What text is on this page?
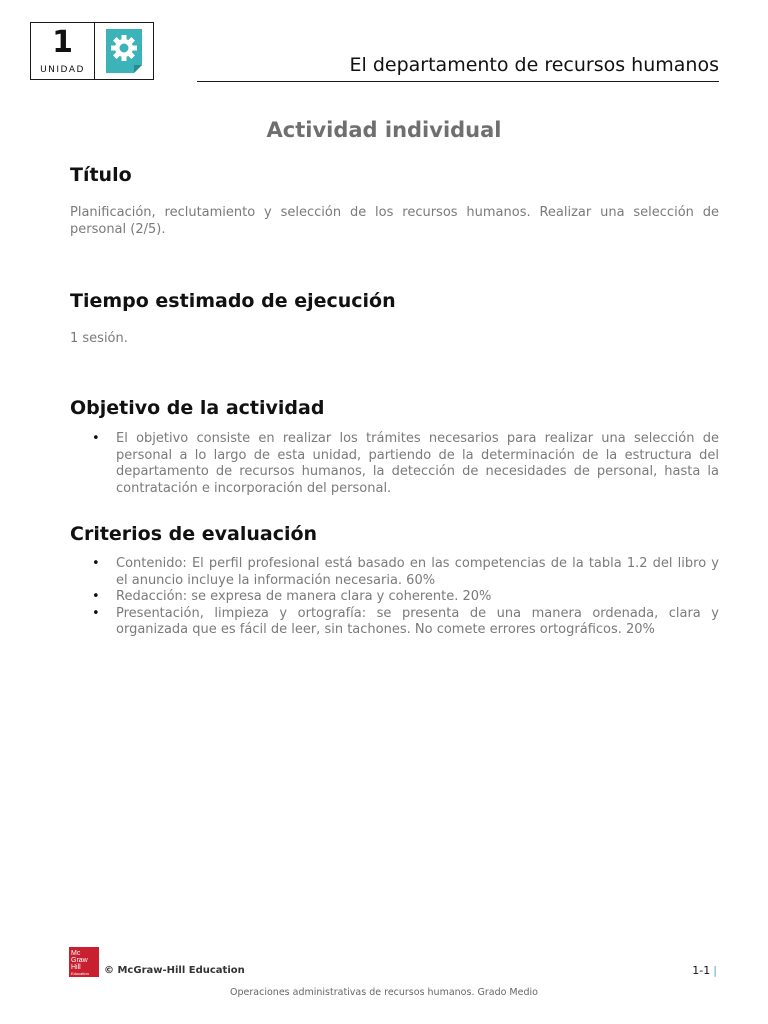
1
UNIDAD	El departamento de recursos humanos
Actividad individual
Título

Planificación, reclutamiento y selección de los recursos humanos. Realizar una selección de personal (2/5).

Tiempo estimado de ejecución

1 sesión.

Objetivo de la actividad
• El objetivo consiste en realizar los trámites necesarios para realizar una selección de personal a lo largo de esta unidad, partiendo de la determinación de la estructura del departamento de recursos humanos, la detección de necesidades de personal, hasta la contratación e incorporación del personal.
Criterios de evaluación
• Contenido: El perfil profesional está basado en las competencias de la tabla 1.2 del libro y el anuncio incluye la información necesaria. 60%
• Redacción: se expresa de manera clara y coherente. 20%
• Presentación, limpieza y ortografía: se presenta de una manera ordenada, clara y organizada que es fácil de leer, sin tachones. No comete errores ortográficos. 20%
Mc
Graw
Hill
Education © McGraw-Hill Education	1-1 |
Operaciones administrativas de recursos humanos. Grado Medio
